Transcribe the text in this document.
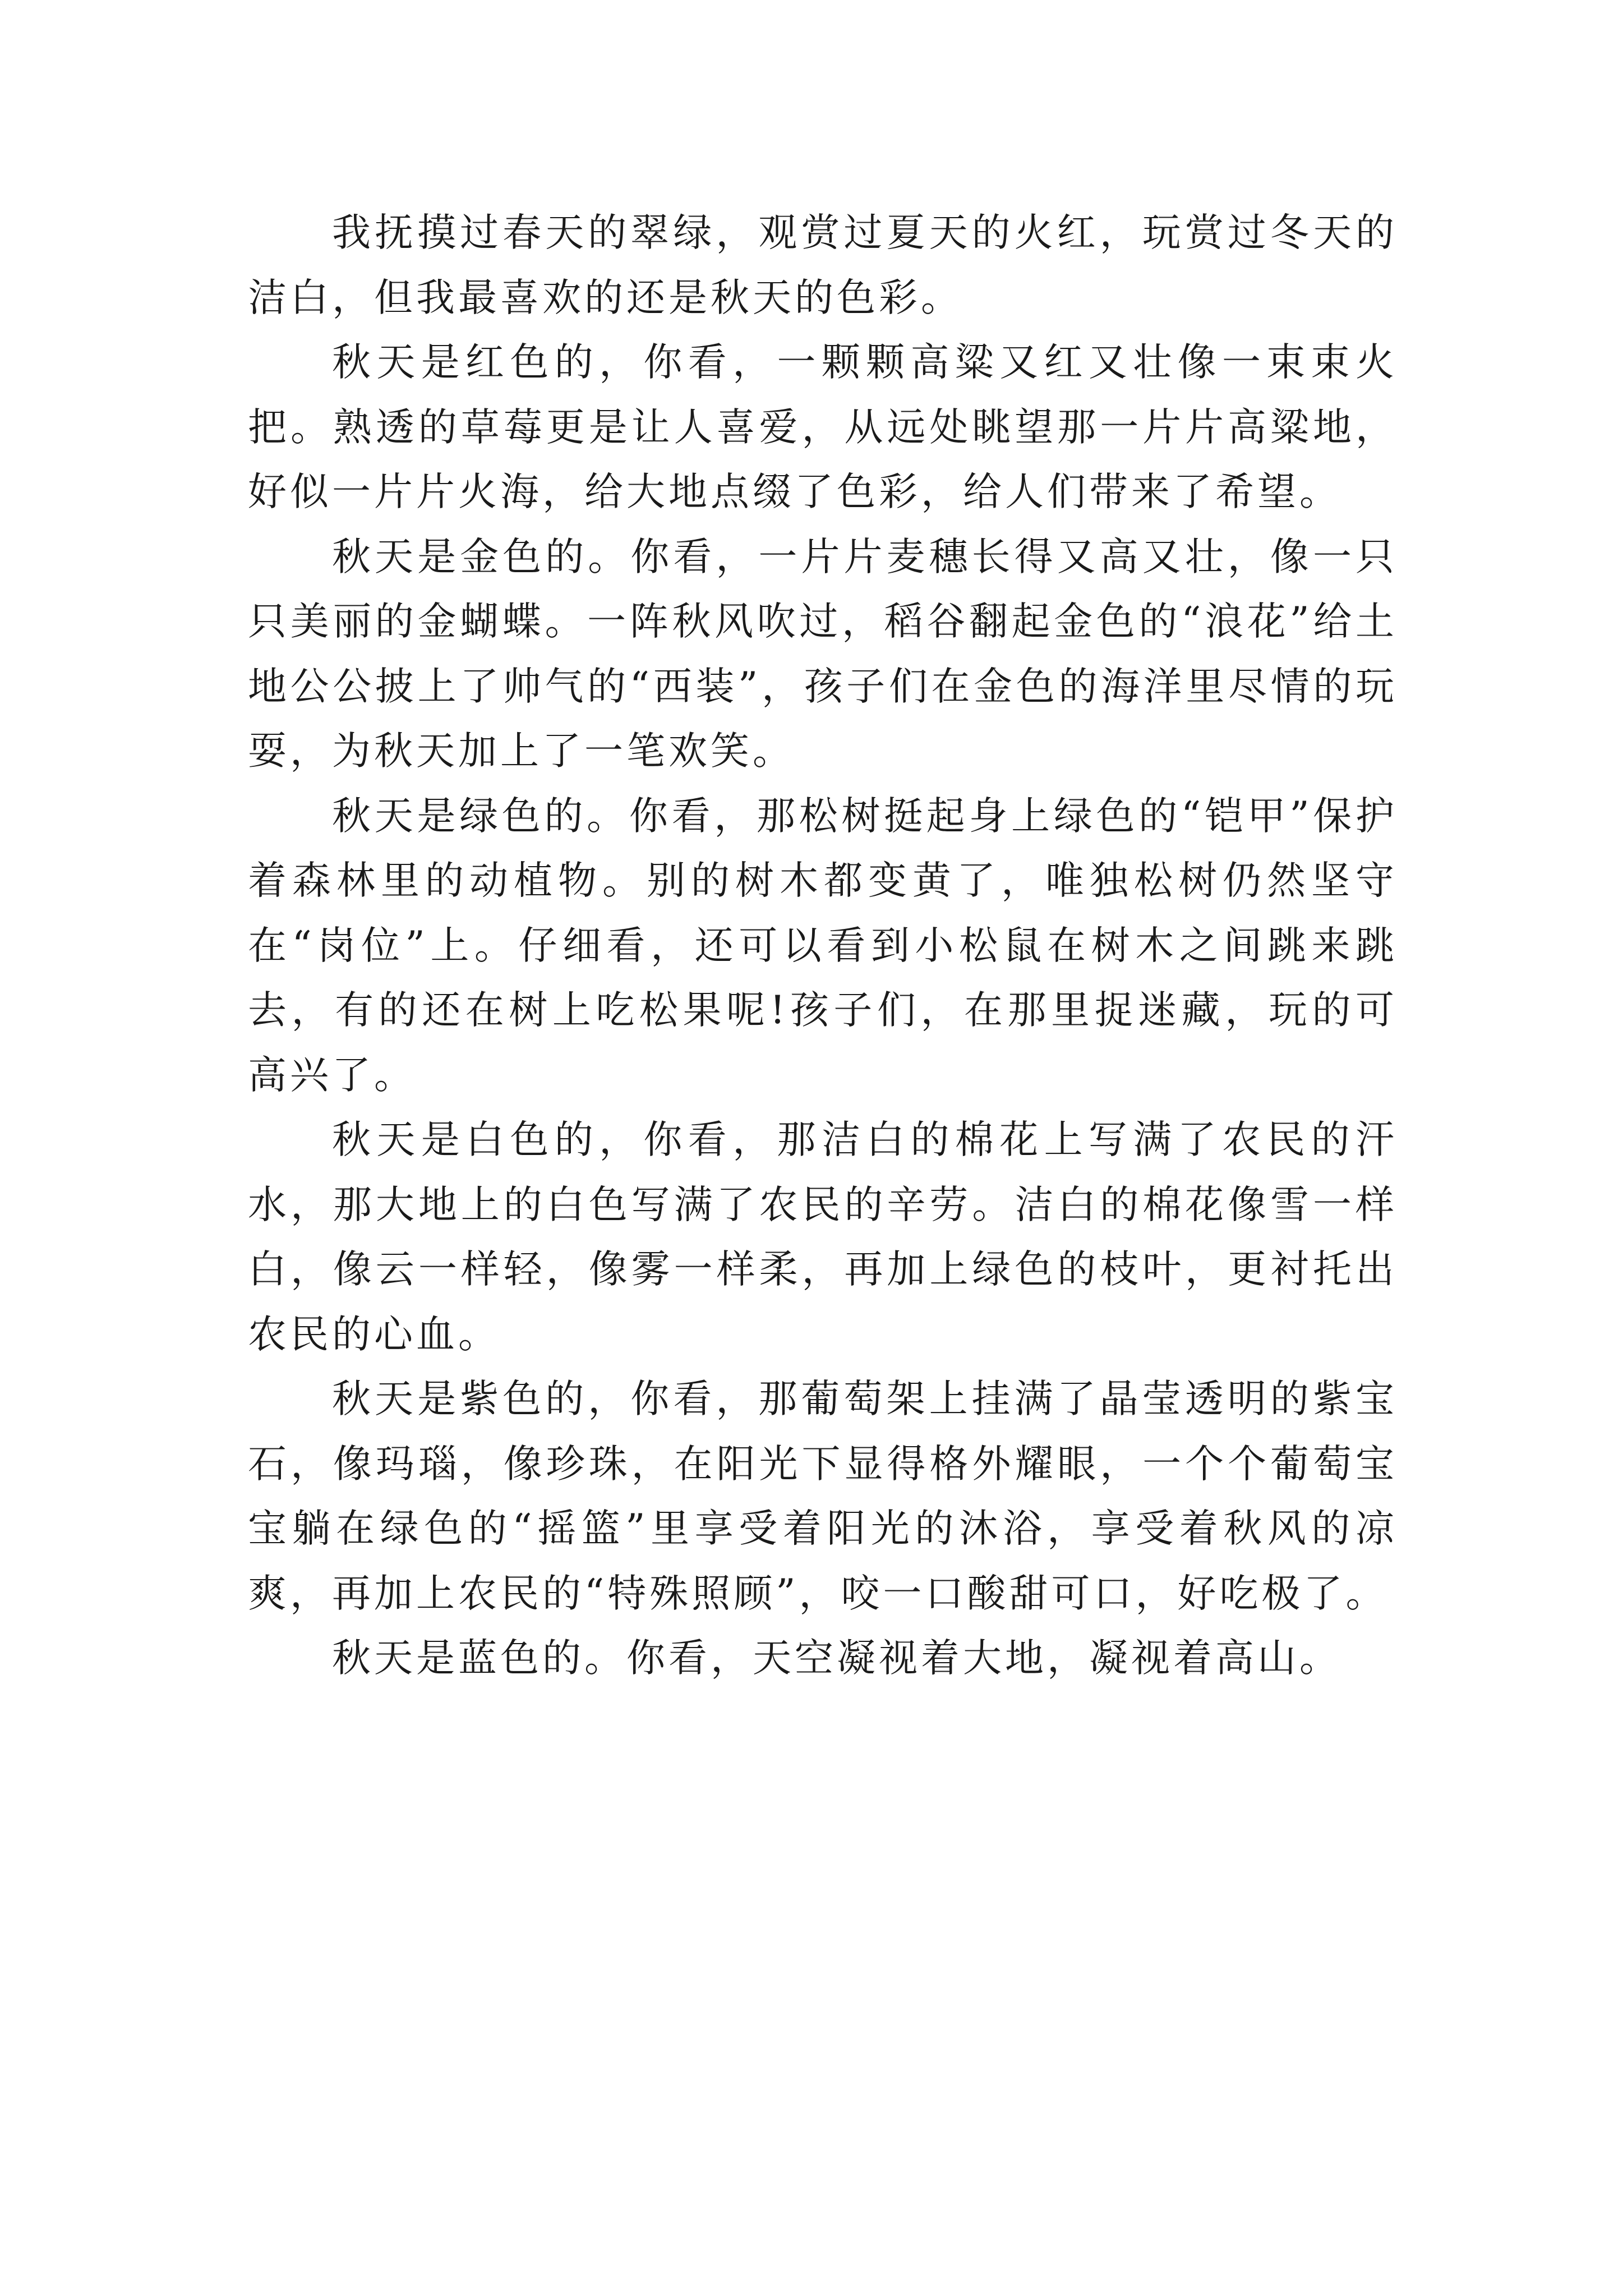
我抚摸过春天的翠绿，观赏过夏天的火红，玩赏过冬天的洁白，但我最喜欢的还是秋天的色彩。

秋天是红色的，你看，一颗颗高粱又红又壮像一束束火把。熟透的草莓更是让人喜爱，从远处眺望那一片片高粱地，好似一片片火海，给大地点缀了色彩，给人们带来了希望。

秋天是金色的。你看，一片片麦穗长得又高又壮，像一只只美丽的金蝴蝶。一阵秋风吹过，稻谷翻起金色的“浪花”给土地公公披上了帅气的“西装”，孩子们在金色的海洋里尽情的玩耍，为秋天加上了一笔欢笑。

秋天是绿色的。你看，那松树挺起身上绿色的“铠甲”保护着森林里的动植物。别的树木都变黄了，唯独松树仍然坚守在“岗位”上。仔细看，还可以看到小松鼠在树木之间跳来跳去，有的还在树上吃松果呢!孩子们，在那里捉迷藏，玩的可高兴了。

秋天是白色的，你看，那洁白的棉花上写满了农民的汗水，那大地上的白色写满了农民的辛劳。洁白的棉花像雪一样白，像云一样轻，像雾一样柔，再加上绿色的枝叶，更衬托出农民的心血。

秋天是紫色的，你看，那葡萄架上挂满了晶莹透明的紫宝石，像玛瑙，像珍珠，在阳光下显得格外耀眼，一个个葡萄宝宝躺在绿色的“摇篮”里享受着阳光的沐浴，享受着秋风的凉爽，再加上农民的“特殊照顾”，咬一口酸甜可口，好吃极了。

秋天是蓝色的。你看，天空凝视着大地，凝视着高山。
